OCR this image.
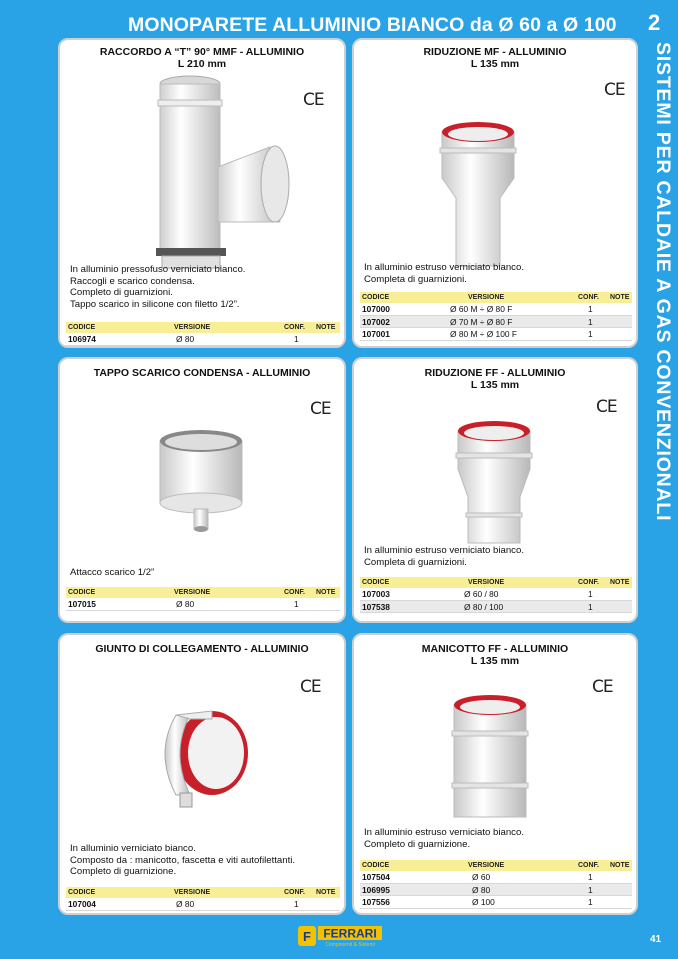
MONOPARETE ALLUMINIO BIANCO da Ø 60 a Ø 100 2
SISTEMI PER CALDAIE A GAS CONVENZIONALI
RACCORDO A “T” 90° MMF - ALLUMINIO
L 210 mm
CE
In alluminio pressofuso verniciato bianco.
Raccogli e scarico condensa.
Completo di guarnizioni.
Tappo scarico in silicone con filetto 1/2”.
CODICE	VERSIONE	CONF. NOTE
106974	Ø 80	1
RIDUZIONE MF - ALLUMINIO
L 135 mm
CE
In alluminio estruso verniciato bianco.
Completa di guarnizioni.
CODICE	VERSIONE	CONF. NOTE
107000	Ø 60 M ÷ Ø 80 F	1
107002	Ø 70 M ÷ Ø 80 F	1
107001	Ø 80 M ÷ Ø 100 F	1
TAPPO SCARICO CONDENSA - ALLUMINIO
CE
Attacco scarico 1/2”
CODICE	VERSIONE	CONF. NOTE
107015	Ø 80	1
RIDUZIONE FF - ALLUMINIO
L 135 mm
CE
In alluminio estruso verniciato bianco.
Completa di guarnizioni.
CODICE	VERSIONE	CONF. NOTE
107003	Ø 60 / 80	1
107538	Ø 80 / 100	1
GIUNTO DI COLLEGAMENTO - ALLUMINIO
CE
In alluminio verniciato bianco.
Composto da : manicotto, fascetta e viti autofilettanti.
Completo di guarnizione.
CODICE	VERSIONE	CONF. NOTE
107004	Ø 80	1
MANICOTTO FF - ALLUMINIO
L 135 mm
CE
In alluminio estruso verniciato bianco.
Completo di guarnizione.
CODICE	VERSIONE	CONF. NOTE
107504	Ø 60	1
106995	Ø 80	1
107556	Ø 100	1
F FERRARI
Componenti & Sistemi	41
